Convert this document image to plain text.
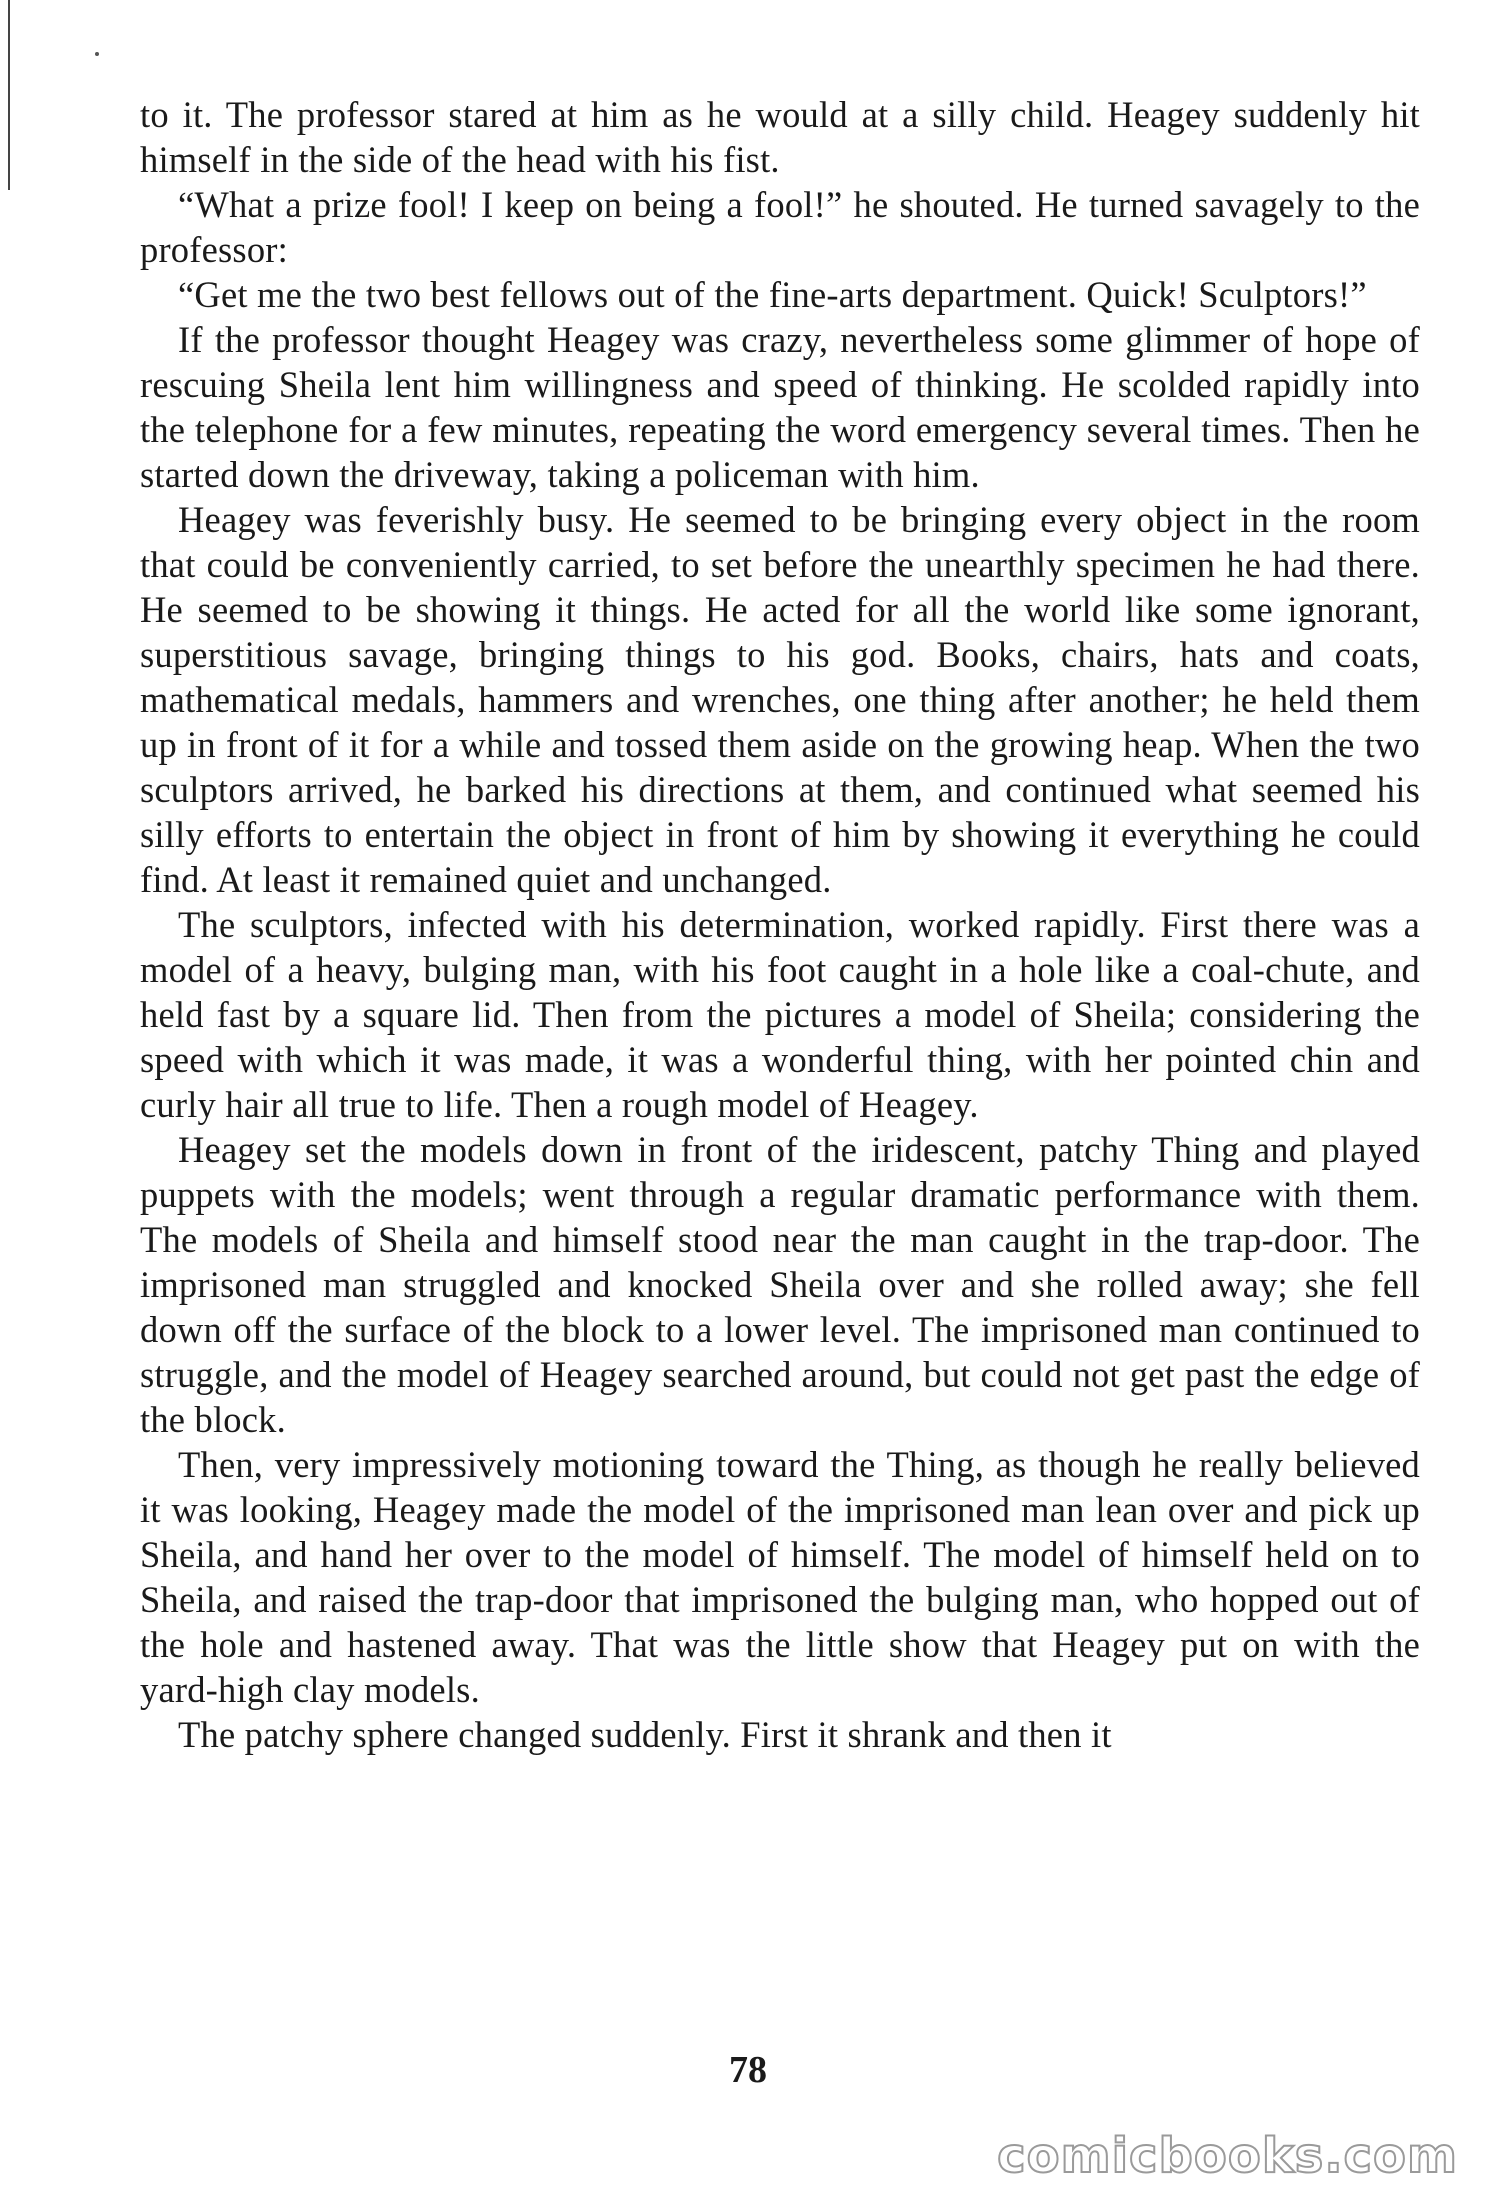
to it. The professor stared at him as he would at a silly child. Heagey suddenly hit himself in the side of the head with his fist.

“What a prize fool! I keep on being a fool!” he shouted. He turned savagely to the professor:

“Get me the two best fellows out of the fine-arts department. Quick! Sculptors!”

If the professor thought Heagey was crazy, nevertheless some glimmer of hope of rescuing Sheila lent him willingness and speed of thinking. He scolded rapidly into the telephone for a few minutes, repeating the word emergency several times. Then he started down the driveway, taking a policeman with him.

Heagey was feverishly busy. He seemed to be bringing every object in the room that could be conveniently carried, to set before the unearthly specimen he had there. He seemed to be showing it things. He acted for all the world like some ignorant, superstitious savage, bringing things to his god. Books, chairs, hats and coats, mathematical medals, hammers and wrenches, one thing after another; he held them up in front of it for a while and tossed them aside on the growing heap. When the two sculptors arrived, he barked his directions at them, and continued what seemed his silly efforts to entertain the object in front of him by showing it everything he could find. At least it remained quiet and unchanged.

The sculptors, infected with his determination, worked rapidly. First there was a model of a heavy, bulging man, with his foot caught in a hole like a coal-chute, and held fast by a square lid. Then from the pictures a model of Sheila; considering the speed with which it was made, it was a wonderful thing, with her pointed chin and curly hair all true to life. Then a rough model of Heagey.

Heagey set the models down in front of the iridescent, patchy Thing and played puppets with the models; went through a regular dramatic performance with them. The models of Sheila and himself stood near the man caught in the trap-door. The imprisoned man struggled and knocked Sheila over and she rolled away; she fell down off the surface of the block to a lower level. The imprisoned man continued to struggle, and the model of Heagey searched around, but could not get past the edge of the block.

Then, very impressively motioning toward the Thing, as though he really believed it was looking, Heagey made the model of the imprisoned man lean over and pick up Sheila, and hand her over to the model of himself. The model of himself held on to Sheila, and raised the trap-door that imprisoned the bulging man, who hopped out of the hole and hastened away. That was the little show that Heagey put on with the yard-high clay models.

The patchy sphere changed suddenly. First it shrank and then it

78

comicbooks.com
